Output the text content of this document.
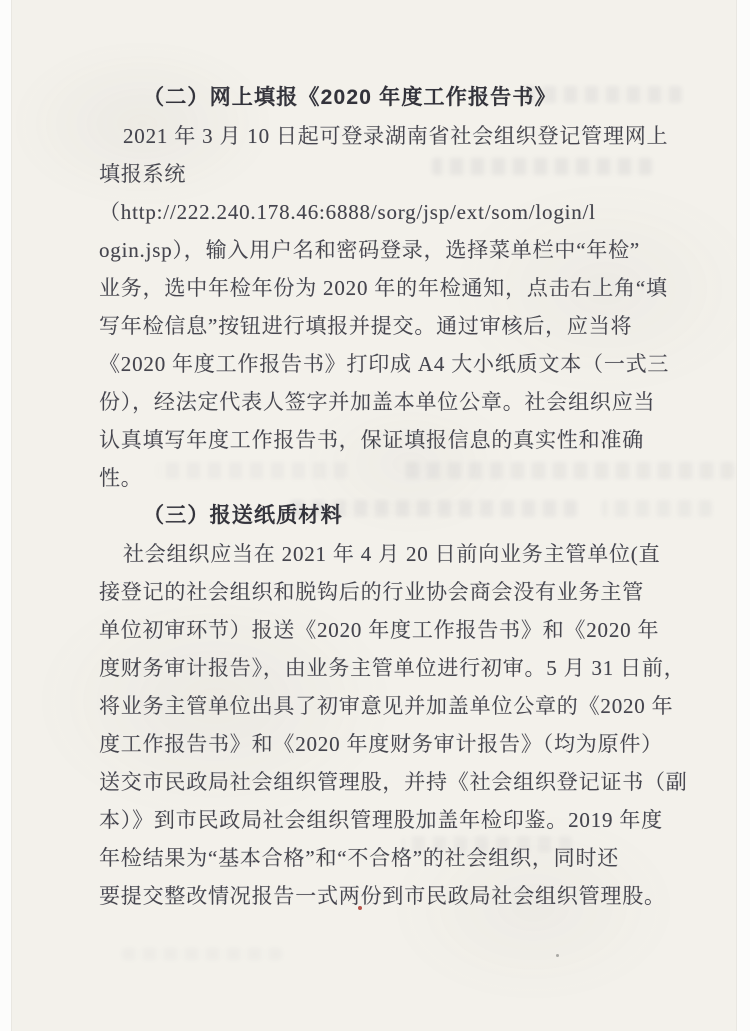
（二）网上填报《2020 年度工作报告书》
2021 年 3 月 10 日起可登录湖南省社会组织登记管理网上
填报系统
（http://222.240.178.46:6888/sorg/jsp/ext/som/login/l
ogin.jsp），输入用户名和密码登录，选择菜单栏中“年检”
业务，选中年检年份为 2020 年的年检通知，点击右上角“填
写年检信息”按钮进行填报并提交。通过审核后，应当将
《2020 年度工作报告书》打印成 A4 大小纸质文本（一式三
份），经法定代表人签字并加盖本单位公章。社会组织应当
认真填写年度工作报告书，保证填报信息的真实性和准确
性。
（三）报送纸质材料
社会组织应当在 2021 年 4 月 20 日前向业务主管单位(直
接登记的社会组织和脱钩后的行业协会商会没有业务主管
单位初审环节）报送《2020 年度工作报告书》和《2020 年
度财务审计报告》，由业务主管单位进行初审。5 月 31 日前，
将业务主管单位出具了初审意见并加盖单位公章的《2020 年
度工作报告书》和《2020 年度财务审计报告》（均为原件）
送交市民政局社会组织管理股，并持《社会组织登记证书（副
本）》到市民政局社会组织管理股加盖年检印鉴。2019 年度
年检结果为“基本合格”和“不合格”的社会组织，同时还
要提交整改情况报告一式两份到市民政局社会组织管理股。
